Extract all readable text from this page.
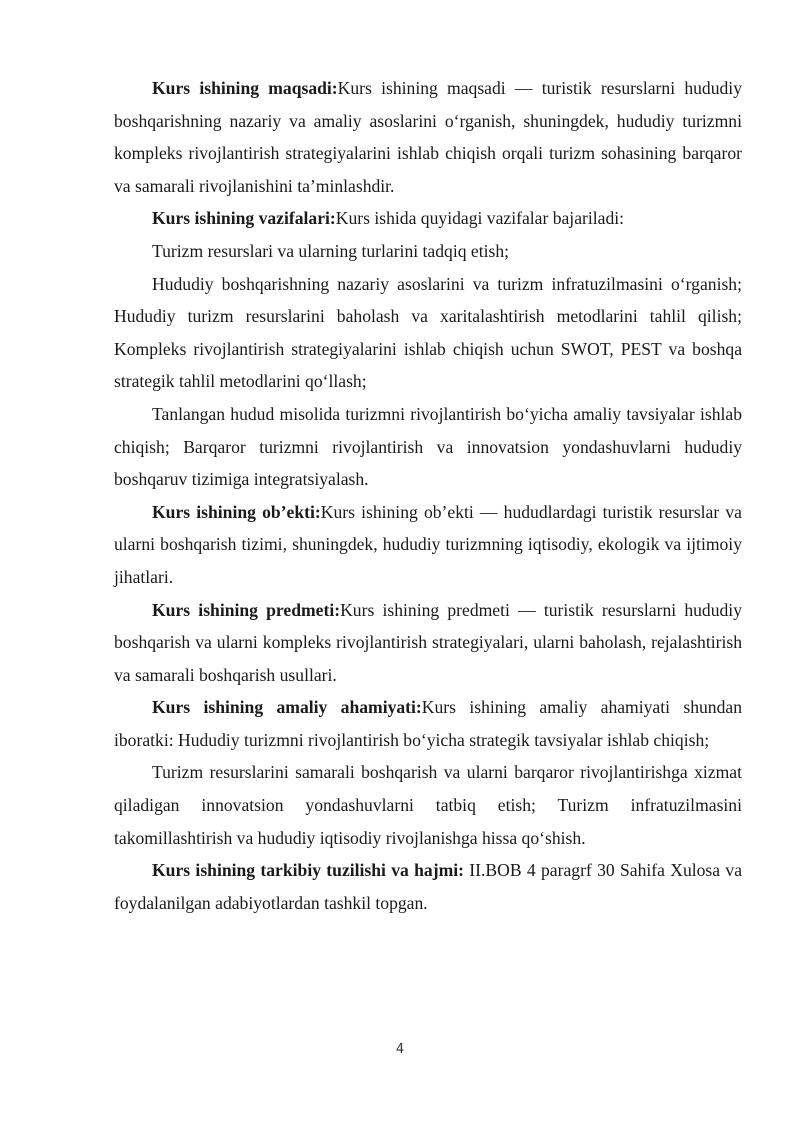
Kurs ishining maqsadi:Kurs ishining maqsadi — turistik resurslarni hududiy boshqarishning nazariy va amaliy asoslarini o‘rganish, shuningdek, hududiy turizmni kompleks rivojlantirish strategiyalarini ishlab chiqish orqali turizm sohasining barqaror va samarali rivojlanishini ta’minlashdir.

Kurs ishining vazifalari:Kurs ishida quyidagi vazifalar bajariladi:

Turizm resurslari va ularning turlarini tadqiq etish;

Hududiy boshqarishning nazariy asoslarini va turizm infratuzilmasini o‘rganish; Hududiy turizm resurslarini baholash va xaritalashtirish metodlarini tahlil qilish; Kompleks rivojlantirish strategiyalarini ishlab chiqish uchun SWOT, PEST va boshqa strategik tahlil metodlarini qo‘llash;

Tanlangan hudud misolida turizmni rivojlantirish bo‘yicha amaliy tavsiyalar ishlab chiqish; Barqaror turizmni rivojlantirish va innovatsion yondashuvlarni hududiy boshqaruv tizimiga integratsiyalash.

Kurs ishining ob’ekti:Kurs ishining ob’ekti — hududlardagi turistik resurslar va ularni boshqarish tizimi, shuningdek, hududiy turizmning iqtisodiy, ekologik va ijtimoiy jihatlari.

Kurs ishining predmeti:Kurs ishining predmeti — turistik resurslarni hududiy boshqarish va ularni kompleks rivojlantirish strategiyalari, ularni baholash, rejalashtirish va samarali boshqarish usullari.

Kurs ishining amaliy ahamiyati:Kurs ishining amaliy ahamiyati shundan iboratki: Hududiy turizmni rivojlantirish bo‘yicha strategik tavsiyalar ishlab chiqish;

Turizm resurslarini samarali boshqarish va ularni barqaror rivojlantirishga xizmat qiladigan innovatsion yondashuvlarni tatbiq etish; Turizm infratuzilmasini takomillashtirish va hududiy iqtisodiy rivojlanishga hissa qo‘shish.

Kurs ishining tarkibiy tuzilishi va hajmi: II.BOB 4 paragrf 30 Sahifa Xulosa va foydalanilgan adabiyotlardan tashkil topgan.

4
